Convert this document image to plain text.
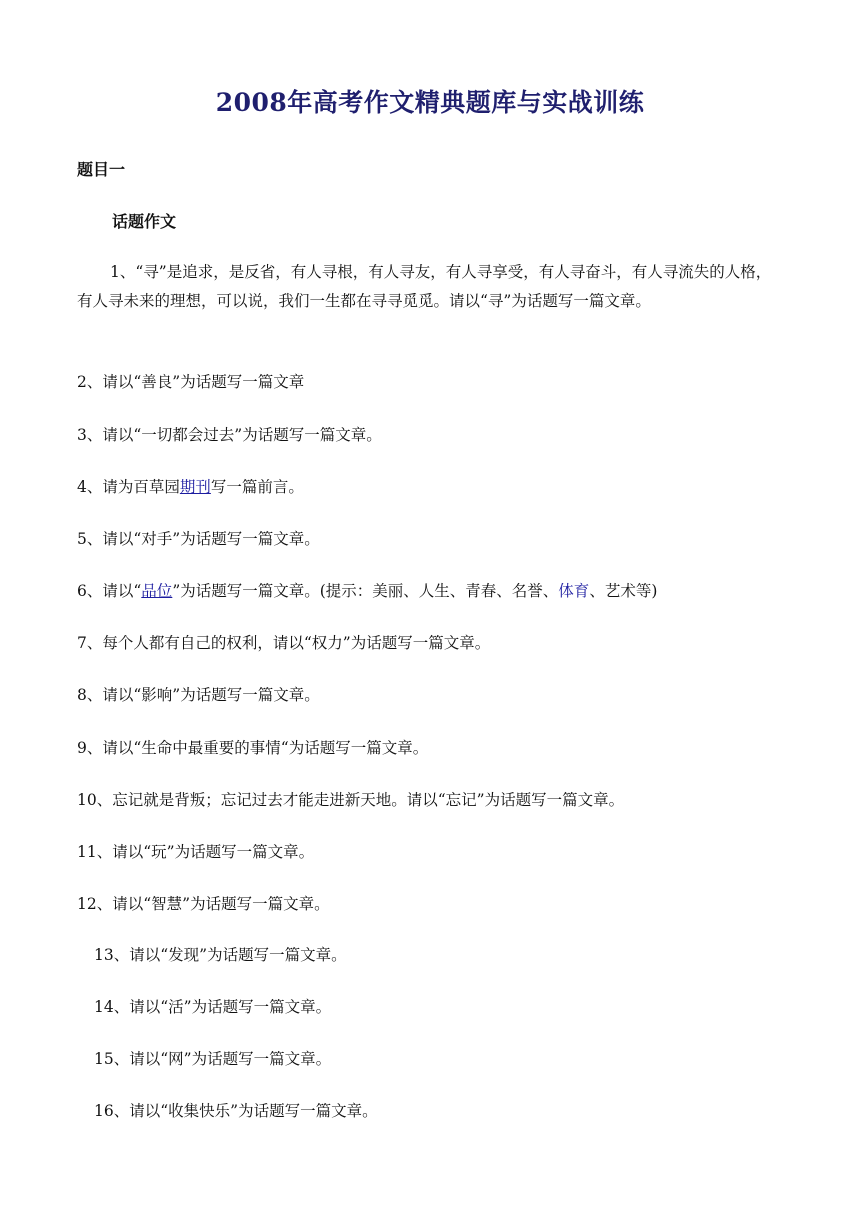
2008年高考作文精典题库与实战训练
题目一
话题作文
1、“寻”是追求，是反省，有人寻根，有人寻友，有人寻享受，有人寻奋斗，有人寻流失的人格，有人寻未来的理想，可以说，我们一生都在寻寻觅觅。请以“寻”为话题写一篇文章。
2、请以“善良”为话题写一篇文章
3、请以“一切都会过去”为话题写一篇文章。
4、请为百草园期刊写一篇前言。
5、请以“对手”为话题写一篇文章。
6、请以“品位”为话题写一篇文章。(提示：美丽、人生、青春、名誉、体育、艺术等)
7、每个人都有自己的权利，请以“权力”为话题写一篇文章。
8、请以“影响”为话题写一篇文章。
9、请以“生命中最重要的事情“为话题写一篇文章。
10、忘记就是背叛；忘记过去才能走进新天地。请以“忘记”为话题写一篇文章。
11、请以“玩”为话题写一篇文章。
12、请以“智慧”为话题写一篇文章。
13、请以“发现”为话题写一篇文章。
14、请以“活”为话题写一篇文章。
15、请以“网”为话题写一篇文章。
16、请以“收集快乐”为话题写一篇文章。
